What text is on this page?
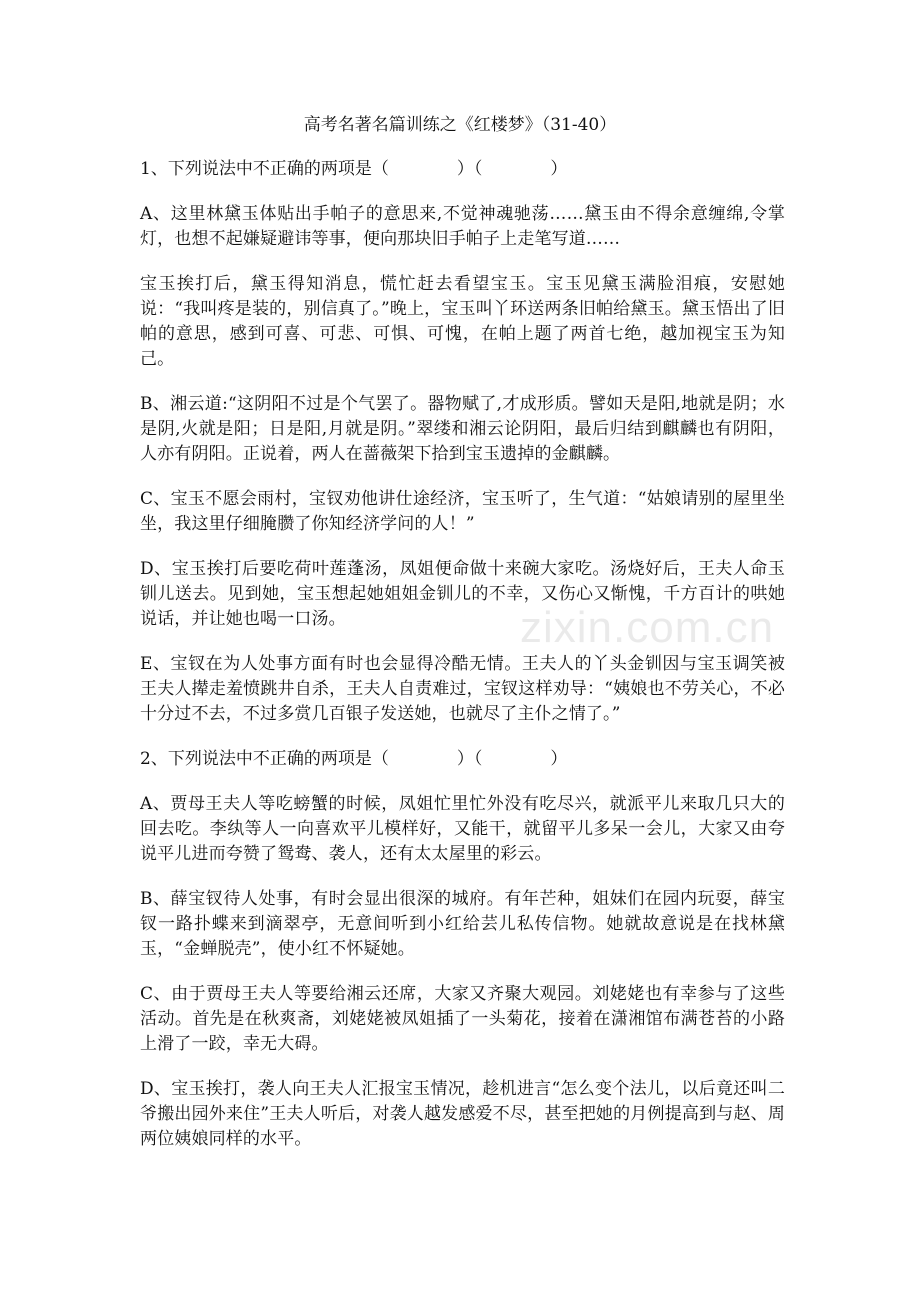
zixin.com.cn
高考名著名篇训练之《红楼梦》（31-40）
1、下列说法中不正确的两项是（	）（	）

A、这里林黛玉体贴出手帕子的意思来,不觉神魂驰荡……黛玉由不得余意缠绵,令掌灯，也想不起嫌疑避讳等事，便向那块旧手帕子上走笔写道……

宝玉挨打后，黛玉得知消息，慌忙赶去看望宝玉。宝玉见黛玉满脸泪痕，安慰她说：“我叫疼是装的，别信真了。”晚上，宝玉叫丫环送两条旧帕给黛玉。黛玉悟出了旧帕的意思，感到可喜、可悲、可惧、可愧，在帕上题了两首七绝，越加视宝玉为知己。

B、湘云道:“这阴阳不过是个气罢了。器物赋了,才成形质。譬如天是阳,地就是阴；水是阴,火就是阳；日是阳,月就是阴。”翠缕和湘云论阴阳，最后归结到麒麟也有阴阳，人亦有阴阳。正说着，两人在蔷薇架下拾到宝玉遗掉的金麒麟。

C、宝玉不愿会雨村，宝钗劝他讲仕途经济，宝玉听了，生气道：“姑娘请别的屋里坐坐，我这里仔细腌臜了你知经济学问的人！”

D、宝玉挨打后要吃荷叶莲蓬汤，凤姐便命做十来碗大家吃。汤烧好后，王夫人命玉钏儿送去。见到她，宝玉想起她姐姐金钏儿的不幸，又伤心又惭愧，千方百计的哄她说话，并让她也喝一口汤。

E、宝钗在为人处事方面有时也会显得冷酷无情。王夫人的丫头金钏因与宝玉调笑被王夫人撵走羞愤跳井自杀，王夫人自责难过，宝钗这样劝导：“姨娘也不劳关心，不必十分过不去，不过多赏几百银子发送她，也就尽了主仆之情了。”

2、下列说法中不正确的两项是（	）（	）

A、贾母王夫人等吃螃蟹的时候，凤姐忙里忙外没有吃尽兴，就派平儿来取几只大的回去吃。李纨等人一向喜欢平儿模样好，又能干，就留平儿多呆一会儿，大家又由夸说平儿进而夸赞了鸳鸯、袭人，还有太太屋里的彩云。

B、薛宝钗待人处事，有时会显出很深的城府。有年芒种，姐妹们在园内玩耍，薛宝钗一路扑蝶来到滴翠亭，无意间听到小红给芸儿私传信物。她就故意说是在找林黛玉，“金蝉脱壳”，使小红不怀疑她。

C、由于贾母王夫人等要给湘云还席，大家又齐聚大观园。刘姥姥也有幸参与了这些活动。首先是在秋爽斋，刘姥姥被凤姐插了一头菊花，接着在潇湘馆布满苍苔的小路上滑了一跤，幸无大碍。

D、宝玉挨打，袭人向王夫人汇报宝玉情况，趁机进言“怎么变个法儿，以后竟还叫二爷搬出园外来住”王夫人听后，对袭人越发感爱不尽，甚至把她的月例提高到与赵、周两位姨娘同样的水平。
